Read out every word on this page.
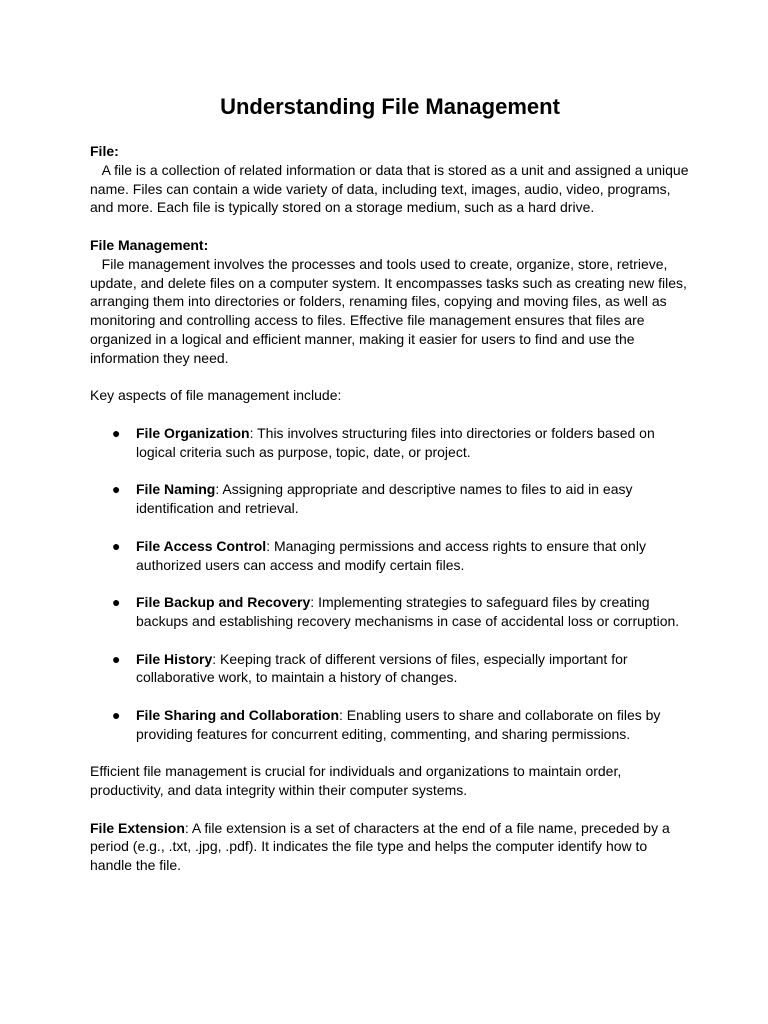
Understanding File Management

File:

A file is a collection of related information or data that is stored as a unit and assigned a unique name. Files can contain a wide variety of data, including text, images, audio, video, programs, and more. Each file is typically stored on a storage medium, such as a hard drive.

File Management:

File management involves the processes and tools used to create, organize, store, retrieve, update, and delete files on a computer system. It encompasses tasks such as creating new files, arranging them into directories or folders, renaming files, copying and moving files, as well as monitoring and controlling access to files. Effective file management ensures that files are organized in a logical and efficient manner, making it easier for users to find and use the information they need.

Key aspects of file management include:

● File Organization: This involves structuring files into directories or folders based on logical criteria such as purpose, topic, date, or project.
● File Naming: Assigning appropriate and descriptive names to files to aid in easy identification and retrieval.
● File Access Control: Managing permissions and access rights to ensure that only authorized users can access and modify certain files.
● File Backup and Recovery: Implementing strategies to safeguard files by creating backups and establishing recovery mechanisms in case of accidental loss or corruption.
● File History: Keeping track of different versions of files, especially important for collaborative work, to maintain a history of changes.
● File Sharing and Collaboration: Enabling users to share and collaborate on files by providing features for concurrent editing, commenting, and sharing permissions.

Efficient file management is crucial for individuals and organizations to maintain order, productivity, and data integrity within their computer systems.

File Extension: A file extension is a set of characters at the end of a file name, preceded by a period (e.g., .txt, .jpg, .pdf). It indicates the file type and helps the computer identify how to handle the file.
